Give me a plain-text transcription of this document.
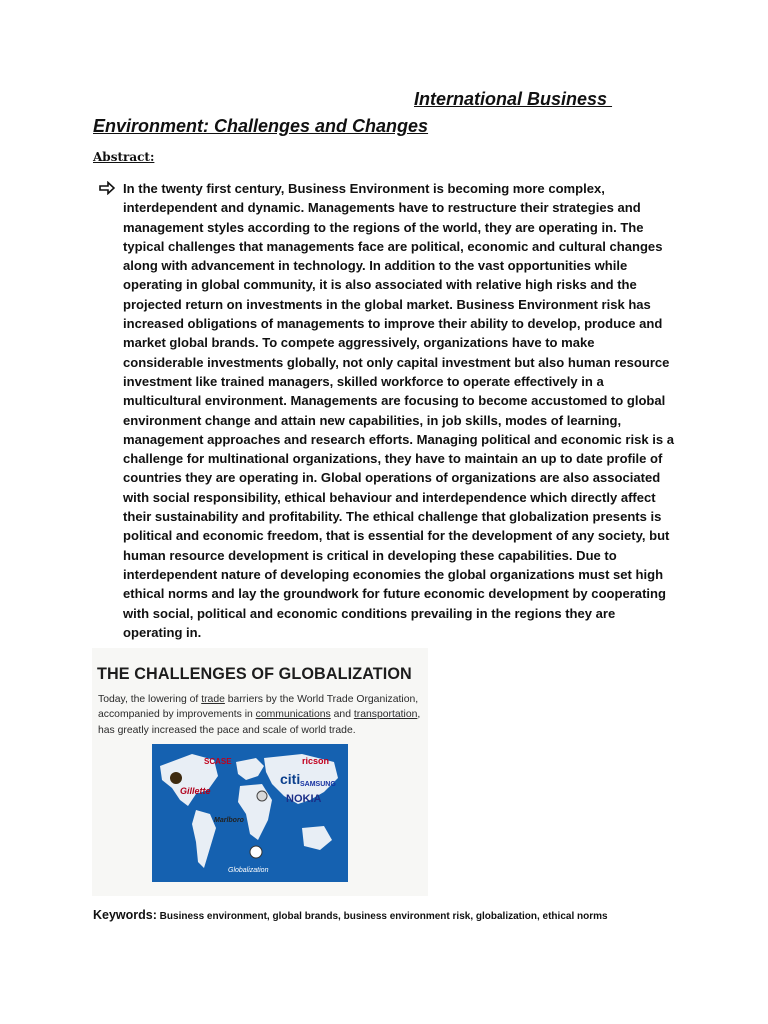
International Business
Environment: Challenges and Changes
Abstract:

In the twenty first century, Business Environment is becoming more complex, interdependent and dynamic. Managements have to restructure their strategies and management styles according to the regions of the world, they are operating in. The typical challenges that managements face are political, economic and cultural changes along with advancement in technology. In addition to the vast opportunities while operating in global community, it is also associated with relative high risks and the projected return on investments in the global market. Business Environment risk has increased obligations of managements to improve their ability to develop, produce and market global brands. To compete aggressively, organizations have to make considerable investments globally, not only capital investment but also human resource investment like trained managers, skilled workforce to operate effectively in a multicultural environment. Managements are focusing to become accustomed to global environment change and attain new capabilities, in job skills, modes of learning, management approaches and research efforts. Managing political and economic risk is a challenge for multinational organizations, they have to maintain an up to date profile of countries they are operating in. Global operations of organizations are also associated with social responsibility, ethical behaviour and interdependence which directly affect their sustainability and profitability. The ethical challenge that globalization presents is political and economic freedom, that is essential for the development of any society, but human resource development is critical in developing these capabilities. Due to interdependent nature of developing economies the global organizations must set high ethical norms and lay the groundwork for future economic development by cooperating with social, political and economic conditions prevailing in the regions they are operating in.

THE CHALLENGES OF GLOBALIZATION
Today, the lowering of trade barriers by the World Trade Organization, accompanied by improvements in communications and transportation, has greatly increased the pace and scale of world trade.
SCASE
Gillette
Marlboro
ricson
citi SAMSUNG
NOKIA
Globalization
Keywords: Business environment, global brands, business environment risk, globalization, ethical norms
